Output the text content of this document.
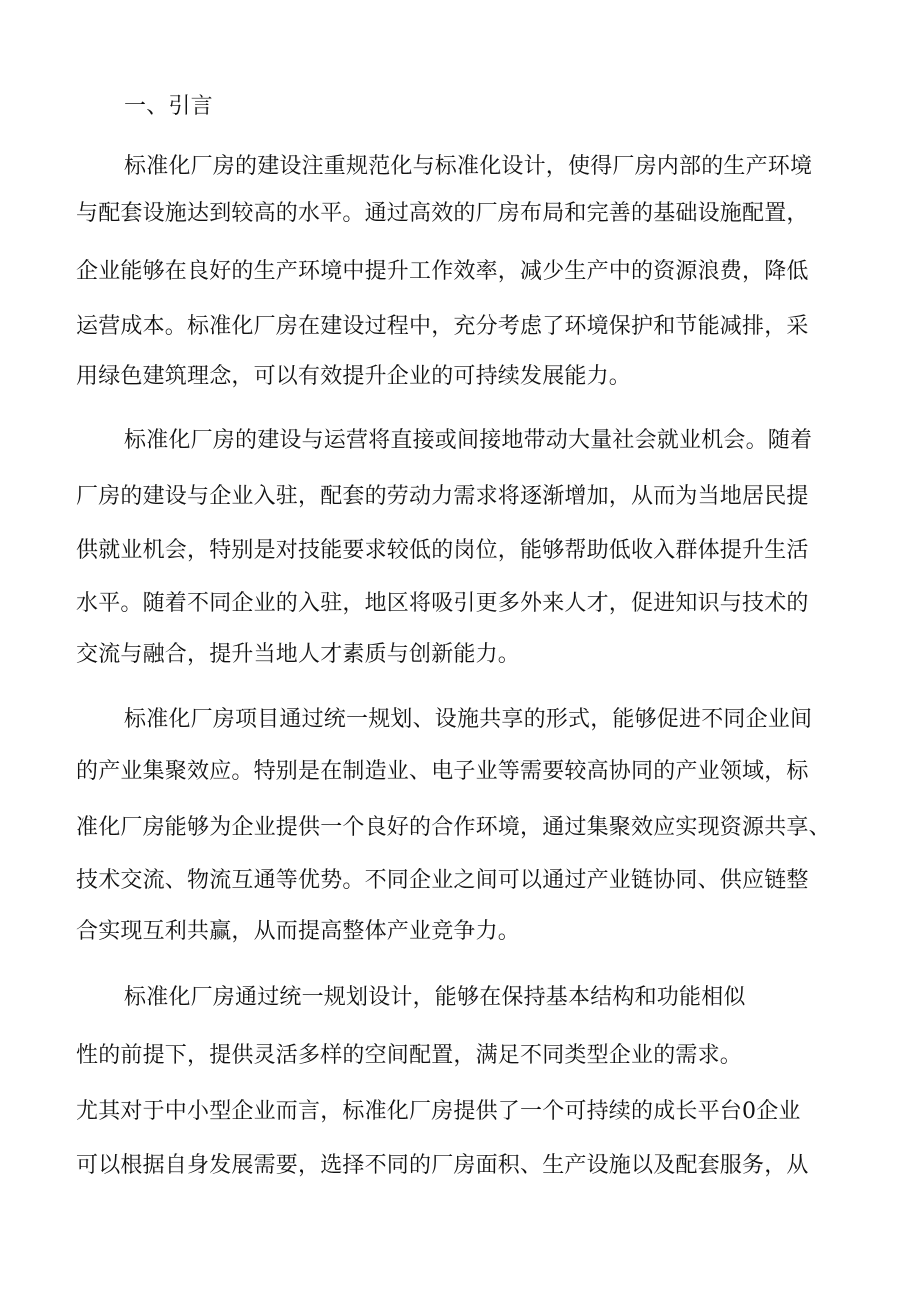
一、引言
标准化厂房的建设注重规范化与标准化设计，使得厂房内部的生产环境
与配套设施达到较高的水平。通过高效的厂房布局和完善的基础设施配置，
企业能够在良好的生产环境中提升工作效率，减少生产中的资源浪费，降低
运营成本。标准化厂房在建设过程中，充分考虑了环境保护和节能减排，采
用绿色建筑理念，可以有效提升企业的可持续发展能力。
标准化厂房的建设与运营将直接或间接地带动大量社会就业机会。随着
厂房的建设与企业入驻，配套的劳动力需求将逐渐增加，从而为当地居民提
供就业机会，特别是对技能要求较低的岗位，能够帮助低收入群体提升生活
水平。随着不同企业的入驻，地区将吸引更多外来人才，促进知识与技术的
交流与融合，提升当地人才素质与创新能力。
标准化厂房项目通过统一规划、设施共享的形式，能够促进不同企业间
的产业集聚效应。特别是在制造业、电子业等需要较高协同的产业领域，标
准化厂房能够为企业提供一个良好的合作环境，通过集聚效应实现资源共享、
技术交流、物流互通等优势。不同企业之间可以通过产业链协同、供应链整
合实现互利共赢，从而提高整体产业竞争力。
标准化厂房通过统一规划设计，能够在保持基本结构和功能相似
性的前提下，提供灵活多样的空间配置，满足不同类型企业的需求。
尤其对于中小型企业而言，标准化厂房提供了一个可持续的成长平台0企业
可以根据自身发展需要，选择不同的厂房面积、生产设施以及配套服务，从
